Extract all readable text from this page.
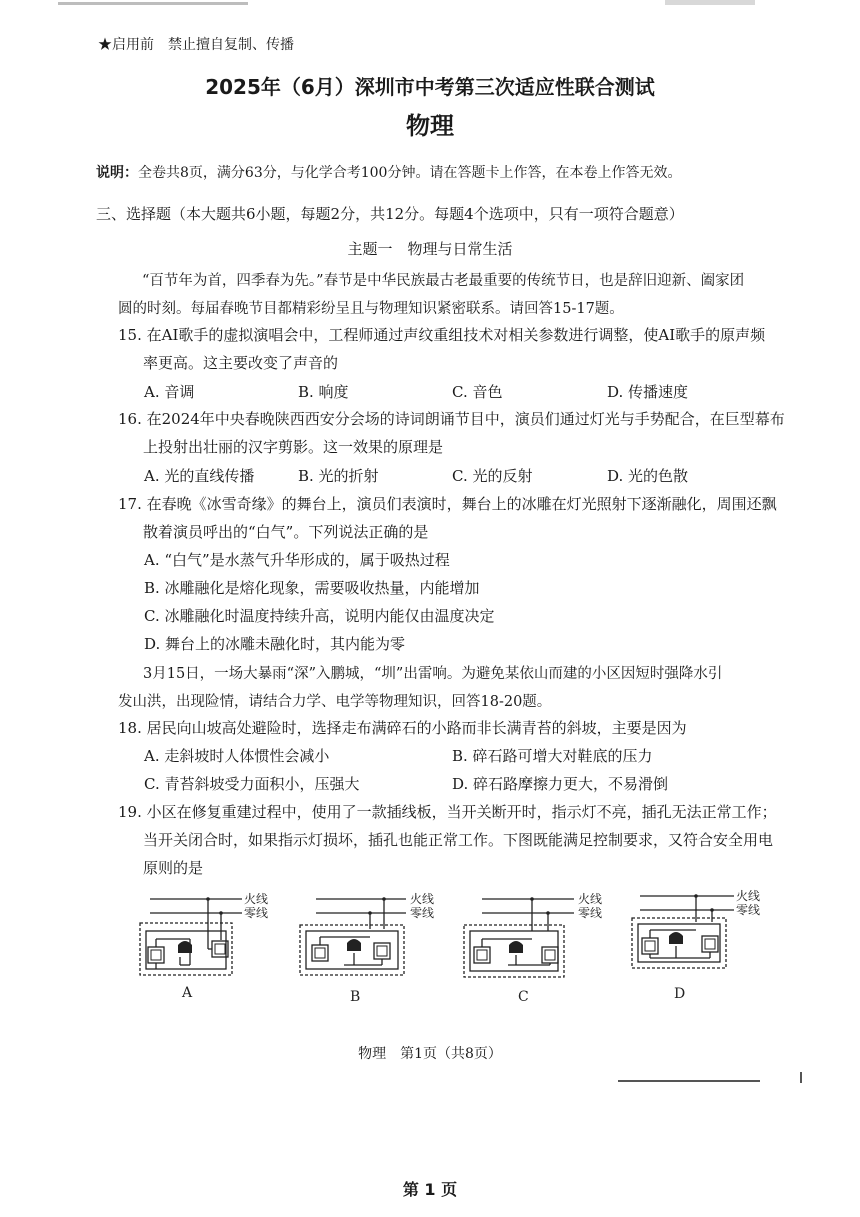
★启用前　禁止擅自复制、传播
2025年（6月）深圳市中考第三次适应性联合测试
物理
说明：全卷共8页，满分63分，与化学合考100分钟。请在答题卡上作答，在本卷上作答无效。
三、选择题（本大题共6小题，每题2分，共12分。每题4个选项中，只有一项符合题意）
主题一　物理与日常生活
“百节年为首，四季春为先。”春节是中华民族最古老最重要的传统节日，也是辞旧迎新、阖家团
圆的时刻。每届春晚节目都精彩纷呈且与物理知识紧密联系。请回答15-17题。
15. 在AI歌手的虚拟演唱会中，工程师通过声纹重组技术对相关参数进行调整，使AI歌手的原声频
率更高。这主要改变了声音的
A. 音调	B. 响度	C. 音色	D. 传播速度
16. 在2024年中央春晚陕西西安分会场的诗词朗诵节目中，演员们通过灯光与手势配合，在巨型幕布
上投射出壮丽的汉字剪影。这一效果的原理是
A. 光的直线传播	B. 光的折射	C. 光的反射	D. 光的色散
17. 在春晚《冰雪奇缘》的舞台上，演员们表演时，舞台上的冰雕在灯光照射下逐渐融化，周围还飘
散着演员呼出的“白气”。下列说法正确的是
A. “白气”是水蒸气升华形成的，属于吸热过程
B. 冰雕融化是熔化现象，需要吸收热量，内能增加
C. 冰雕融化时温度持续升高，说明内能仅由温度决定
D. 舞台上的冰雕未融化时，其内能为零
3月15日，一场大暴雨“深”入鹏城，“圳”出雷响。为避免某依山而建的小区因短时强降水引
发山洪，出现险情，请结合力学、电学等物理知识，回答18-20题。
18. 居民向山坡高处避险时，选择走布满碎石的小路而非长满青苔的斜坡，主要是因为
A. 走斜坡时人体惯性会减小	B. 碎石路可增大对鞋底的压力
C. 青苔斜坡受力面积小，压强大	D. 碎石路摩擦力更大，不易滑倒
19. 小区在修复重建过程中，使用了一款插线板，当开关断开时，指示灯不亮，插孔无法正常工作；
当开关闭合时，如果指示灯损坏，插孔也能正常工作。下图既能满足控制要求，又符合安全用电
原则的是
火线
零线
A
火线
零线
B
火线
零线
C
火线
零线
D
物理　第1页（共8页）
第 1 页
